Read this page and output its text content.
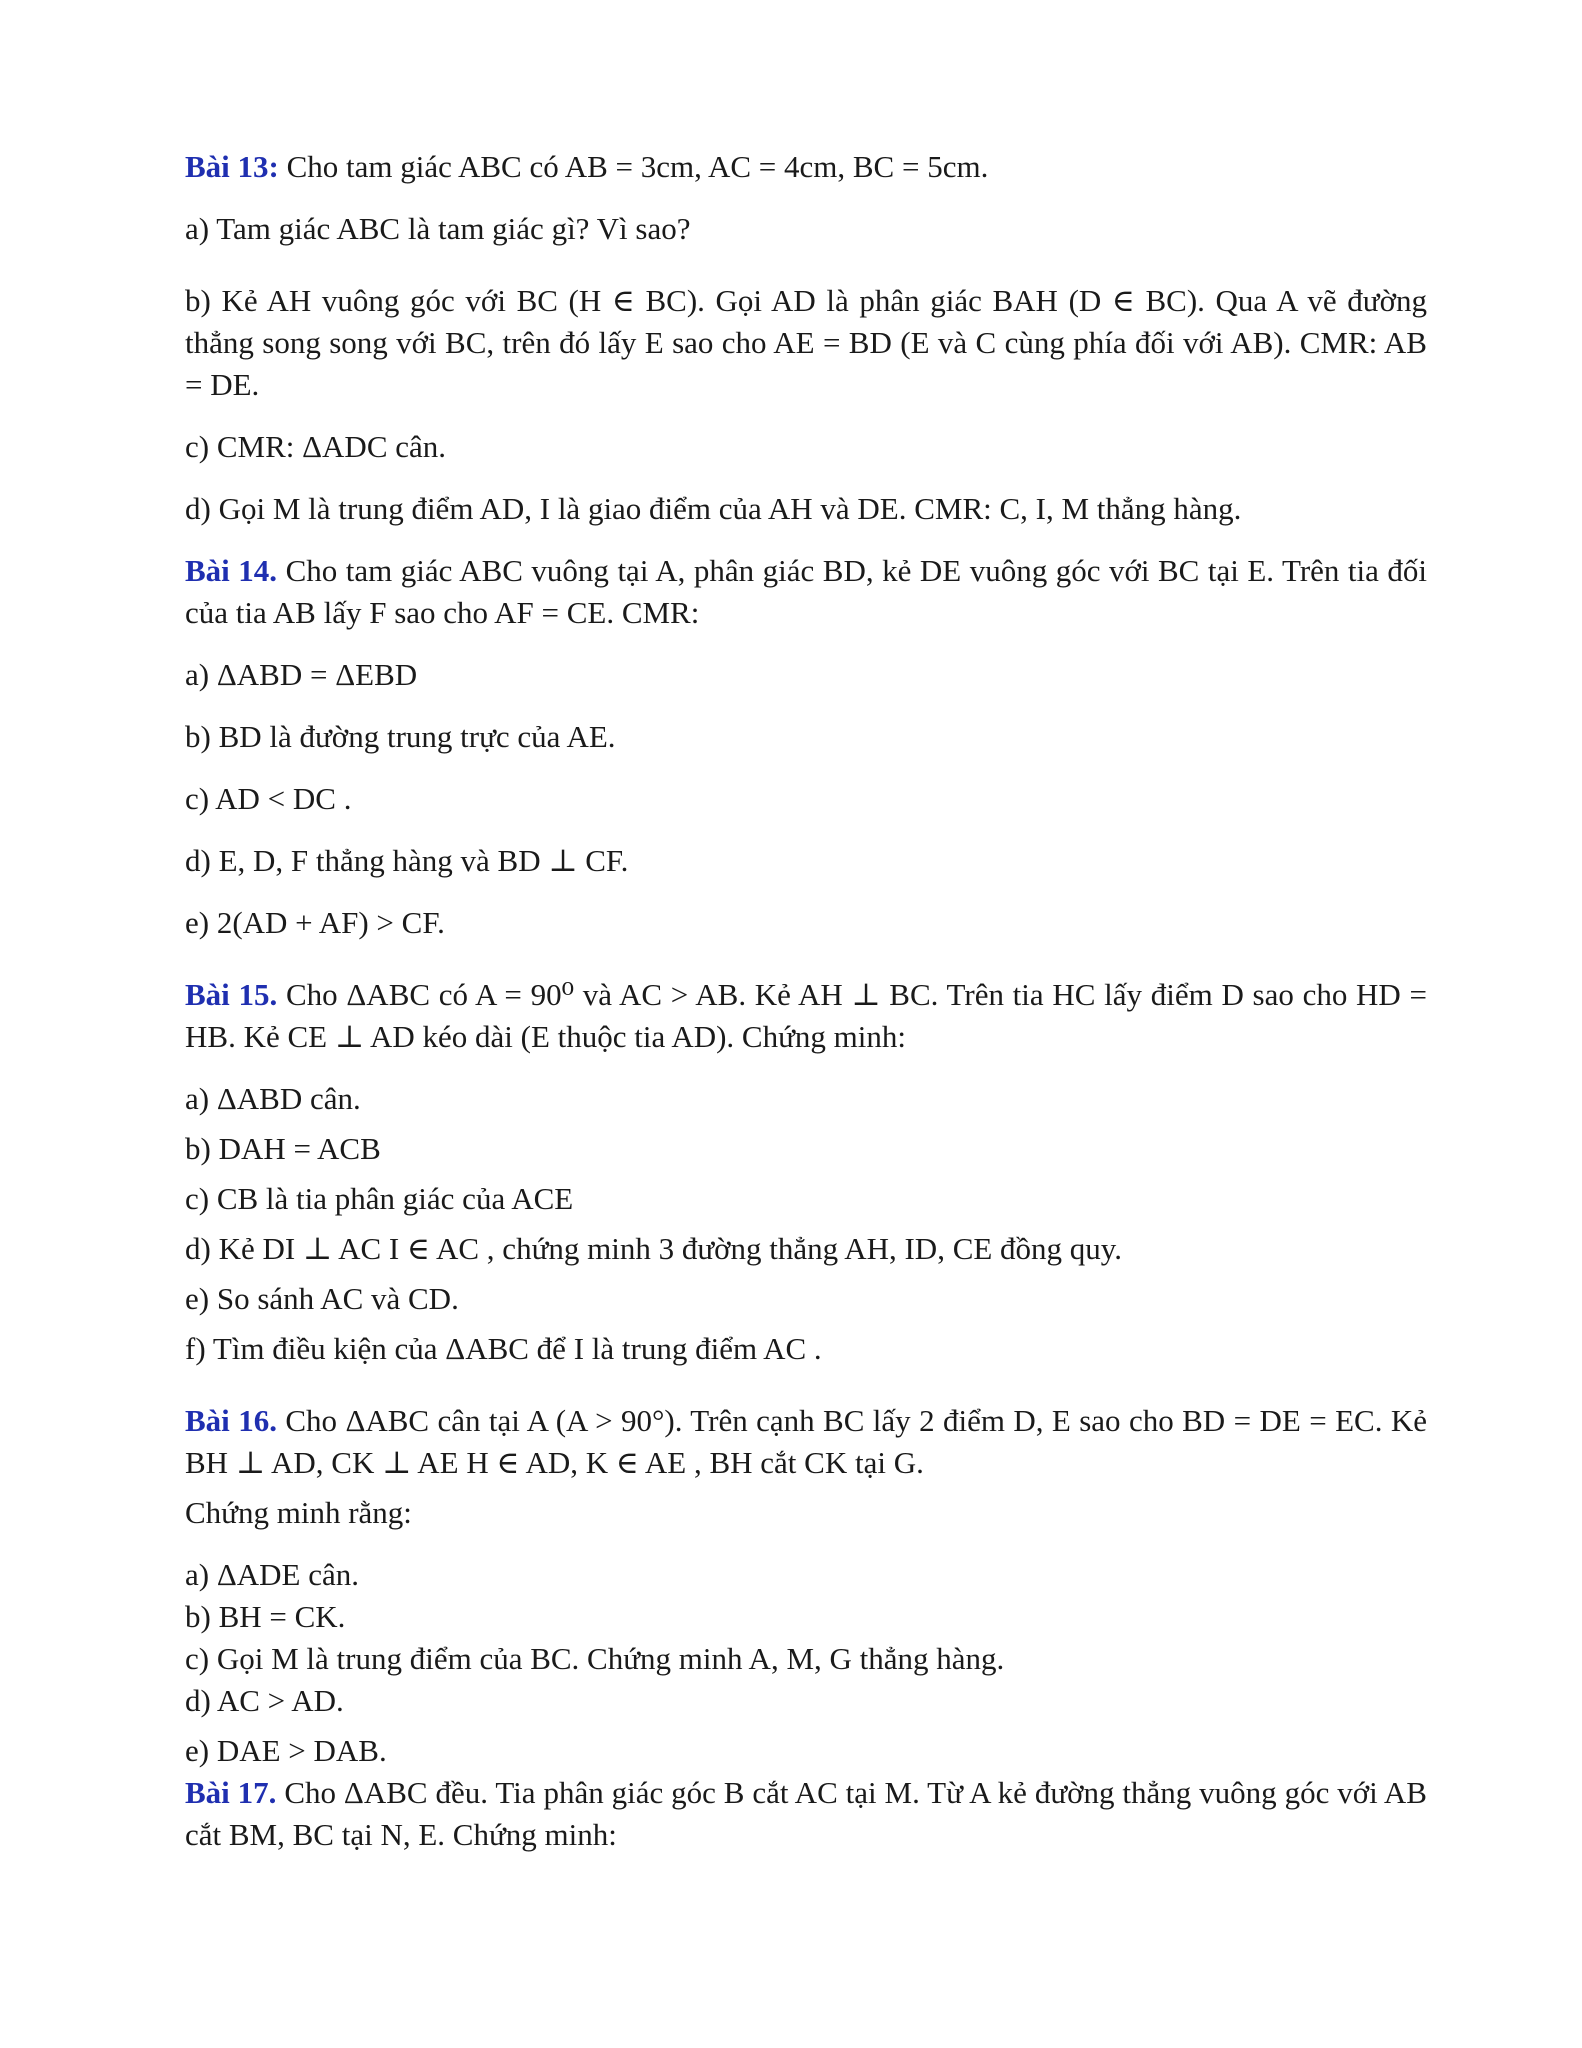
Bài 13: Cho tam giác ABC có AB = 3cm, AC = 4cm, BC = 5cm.
a) Tam giác ABC là tam giác gì? Vì sao?
b) Kẻ AH vuông góc với BC (H ∈ BC). Gọi AD là phân giác BAH (D ∈ BC). Qua A vẽ đường thẳng song song với BC, trên đó lấy E sao cho AE = BD (E và C cùng phía đối với AB). CMR: AB = DE.
c) CMR: ΔADC cân.
d) Gọi M là trung điểm AD, I là giao điểm của AH và DE. CMR: C, I, M thẳng hàng.
Bài 14. Cho tam giác ABC vuông tại A, phân giác BD, kẻ DE vuông góc với BC tại E. Trên tia đối của tia AB lấy F sao cho AF = CE. CMR:
a) ΔABD = ΔEBD
b) BD là đường trung trực của AE.
c) AD < DC .
d) E, D, F thẳng hàng và BD ⊥ CF.
e) 2(AD + AF) > CF.
Bài 15. Cho ΔABC có A = 90⁰ và AC > AB. Kẻ AH ⊥ BC. Trên tia HC lấy điểm D sao cho HD = HB. Kẻ CE ⊥ AD kéo dài (E thuộc tia AD). Chứng minh:
a) ΔABD cân.
b) DAH = ACB
c) CB là tia phân giác của ACE
d) Kẻ DI ⊥ AC I ∈ AC , chứng minh 3 đường thẳng AH, ID, CE đồng quy.
e) So sánh AC và CD.
f) Tìm điều kiện của ΔABC để I là trung điểm AC .
Bài 16. Cho ΔABC cân tại A (A > 90°). Trên cạnh BC lấy 2 điểm D, E sao cho BD = DE = EC. Kẻ BH ⊥ AD, CK ⊥ AE H ∈ AD, K ∈ AE , BH cắt CK tại G.
Chứng minh rằng:
a) ΔADE cân.
b) BH = CK.
c) Gọi M là trung điểm của BC. Chứng minh A, M, G thẳng hàng.
d) AC > AD.
e) DAE > DAB.
Bài 17. Cho ΔABC đều. Tia phân giác góc B cắt AC tại M. Từ A kẻ đường thẳng vuông góc với AB cắt BM, BC tại N, E. Chứng minh:
